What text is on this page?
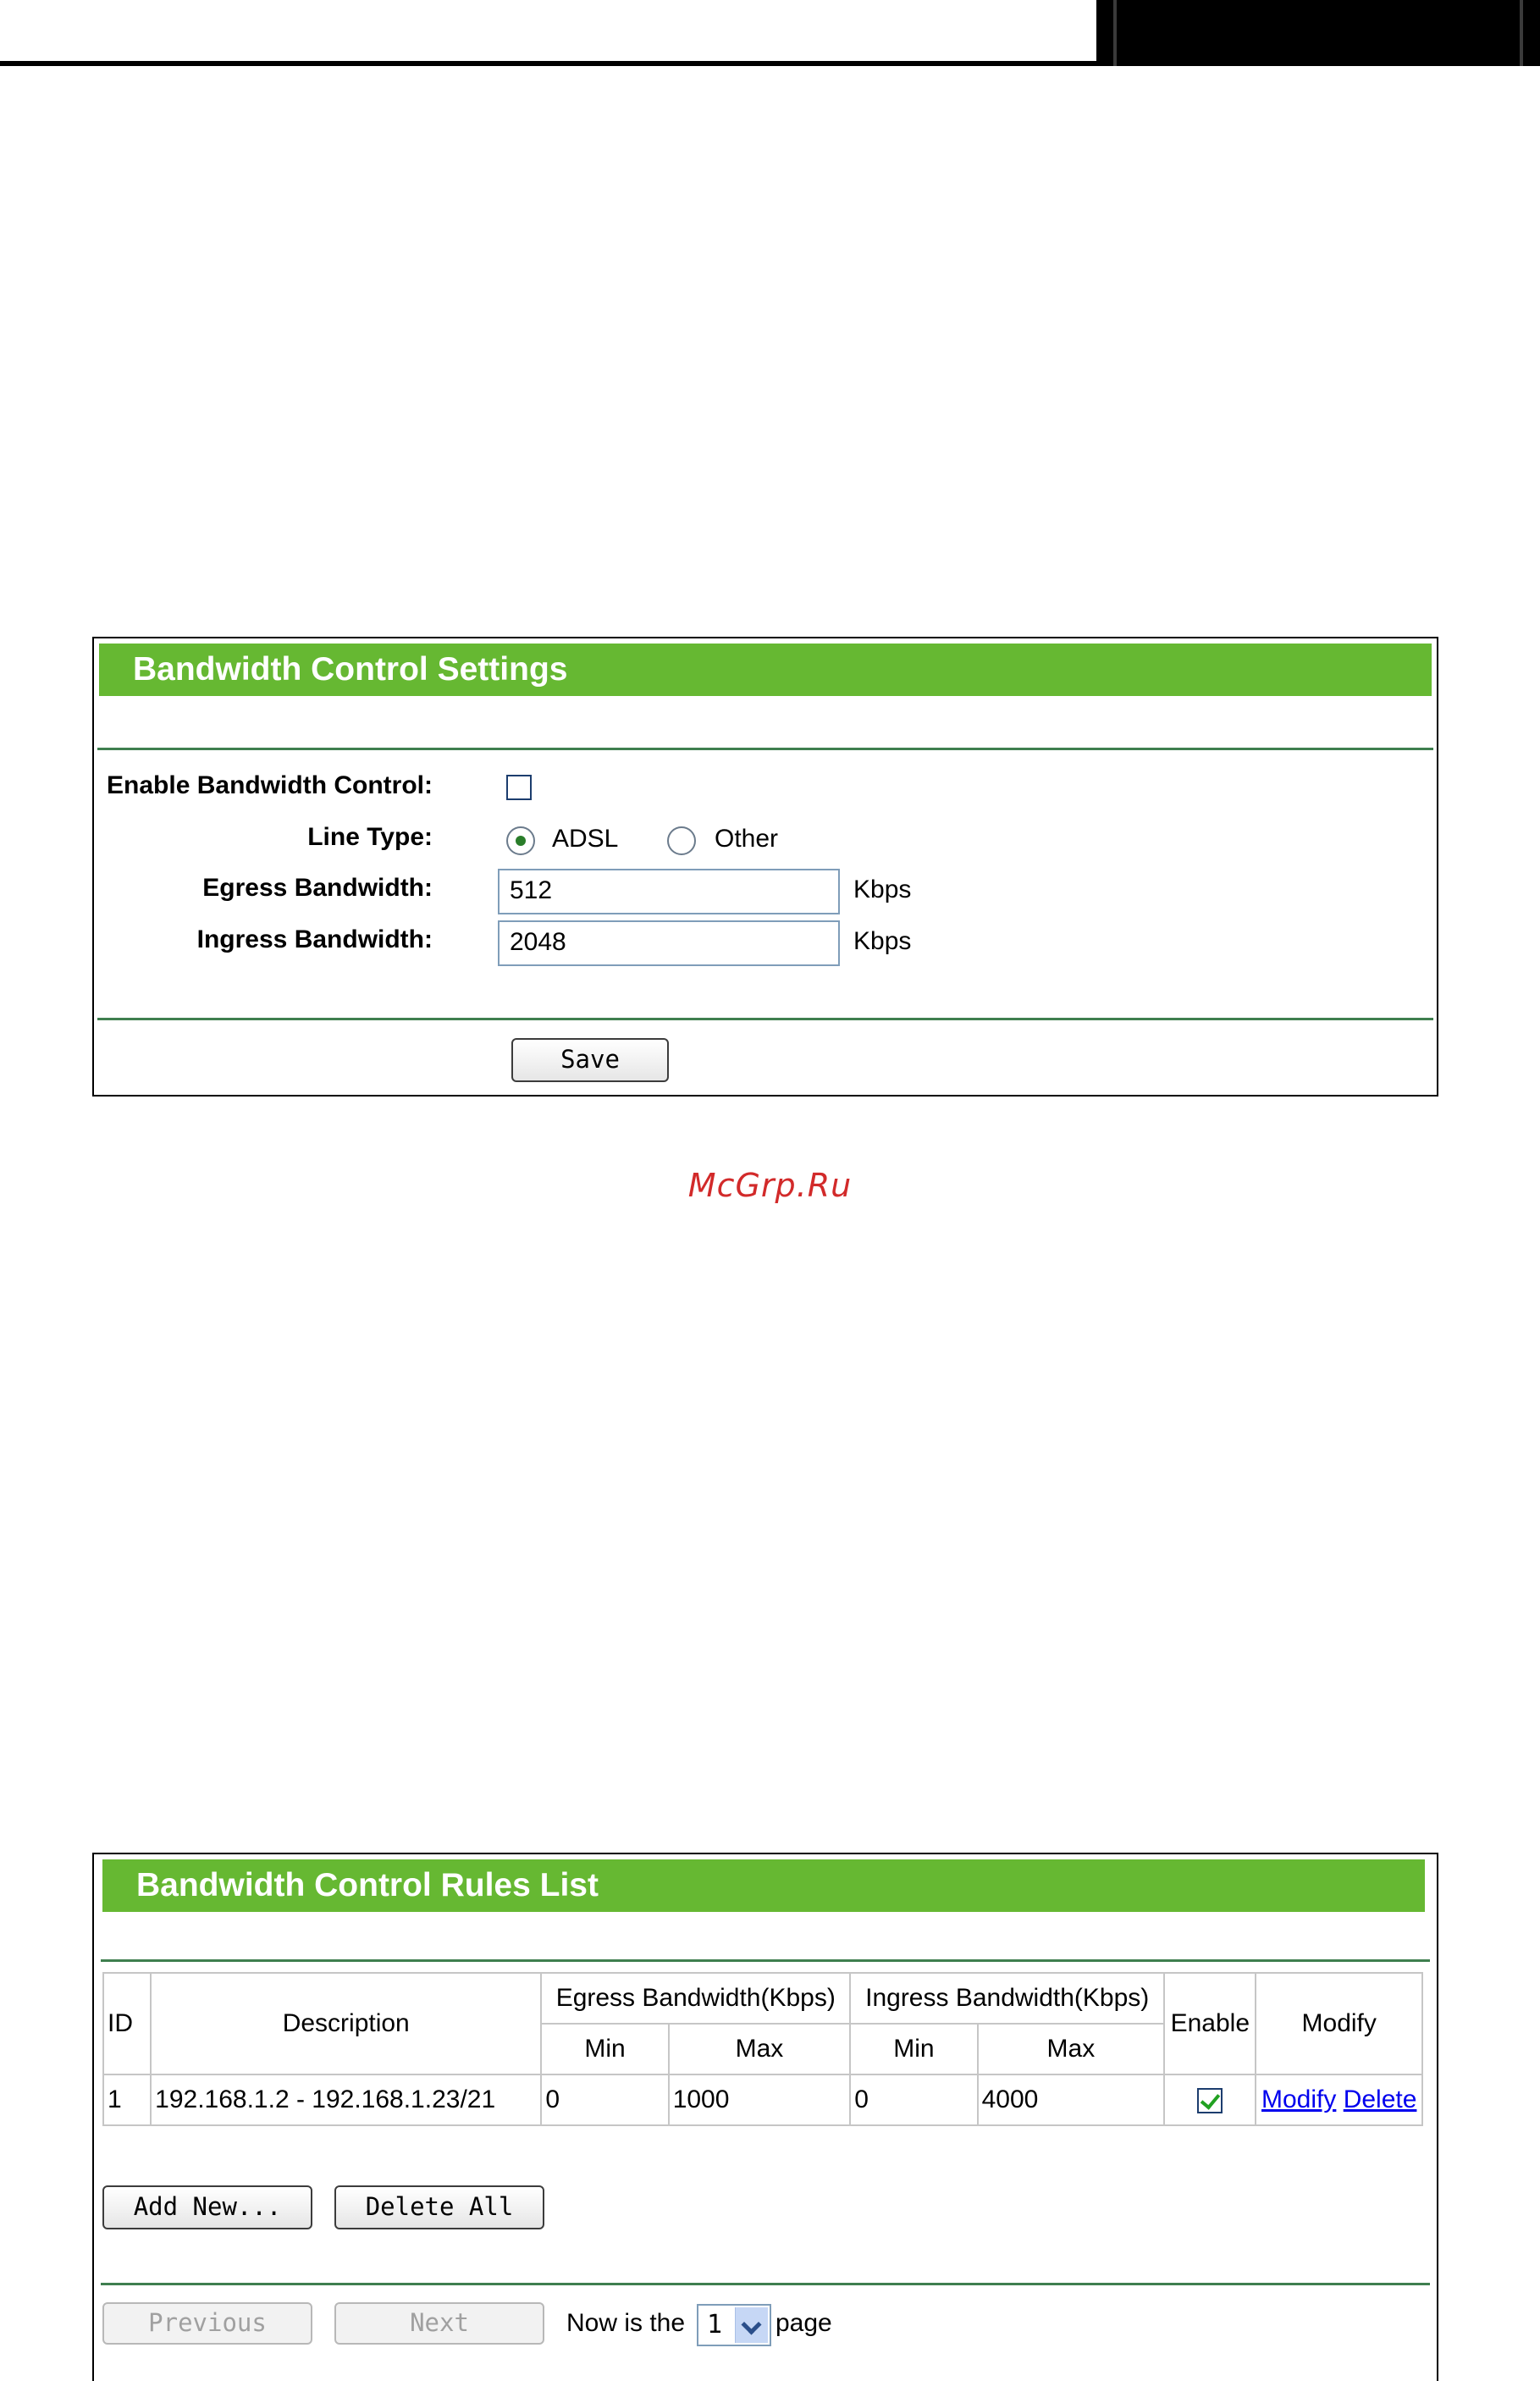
Bandwidth Control Settings
Enable Bandwidth Control:
Line Type:	ADSL	Other
Egress Bandwidth:	512	Kbps
Ingress Bandwidth:	2048	Kbps
Save
McGrp.Ru
Bandwidth Control Rules List
ID	Description	Egress Bandwidth(Kbps)		Ingress Bandwidth(Kbps)		Enable	Modify
		Min	Max	Min	Max		
1	192.168.1.2 - 192.168.1.23/21	0	1000	0	4000		Modify Delete
Add New...	Delete All
Previous	Next	Now is the 1 page
